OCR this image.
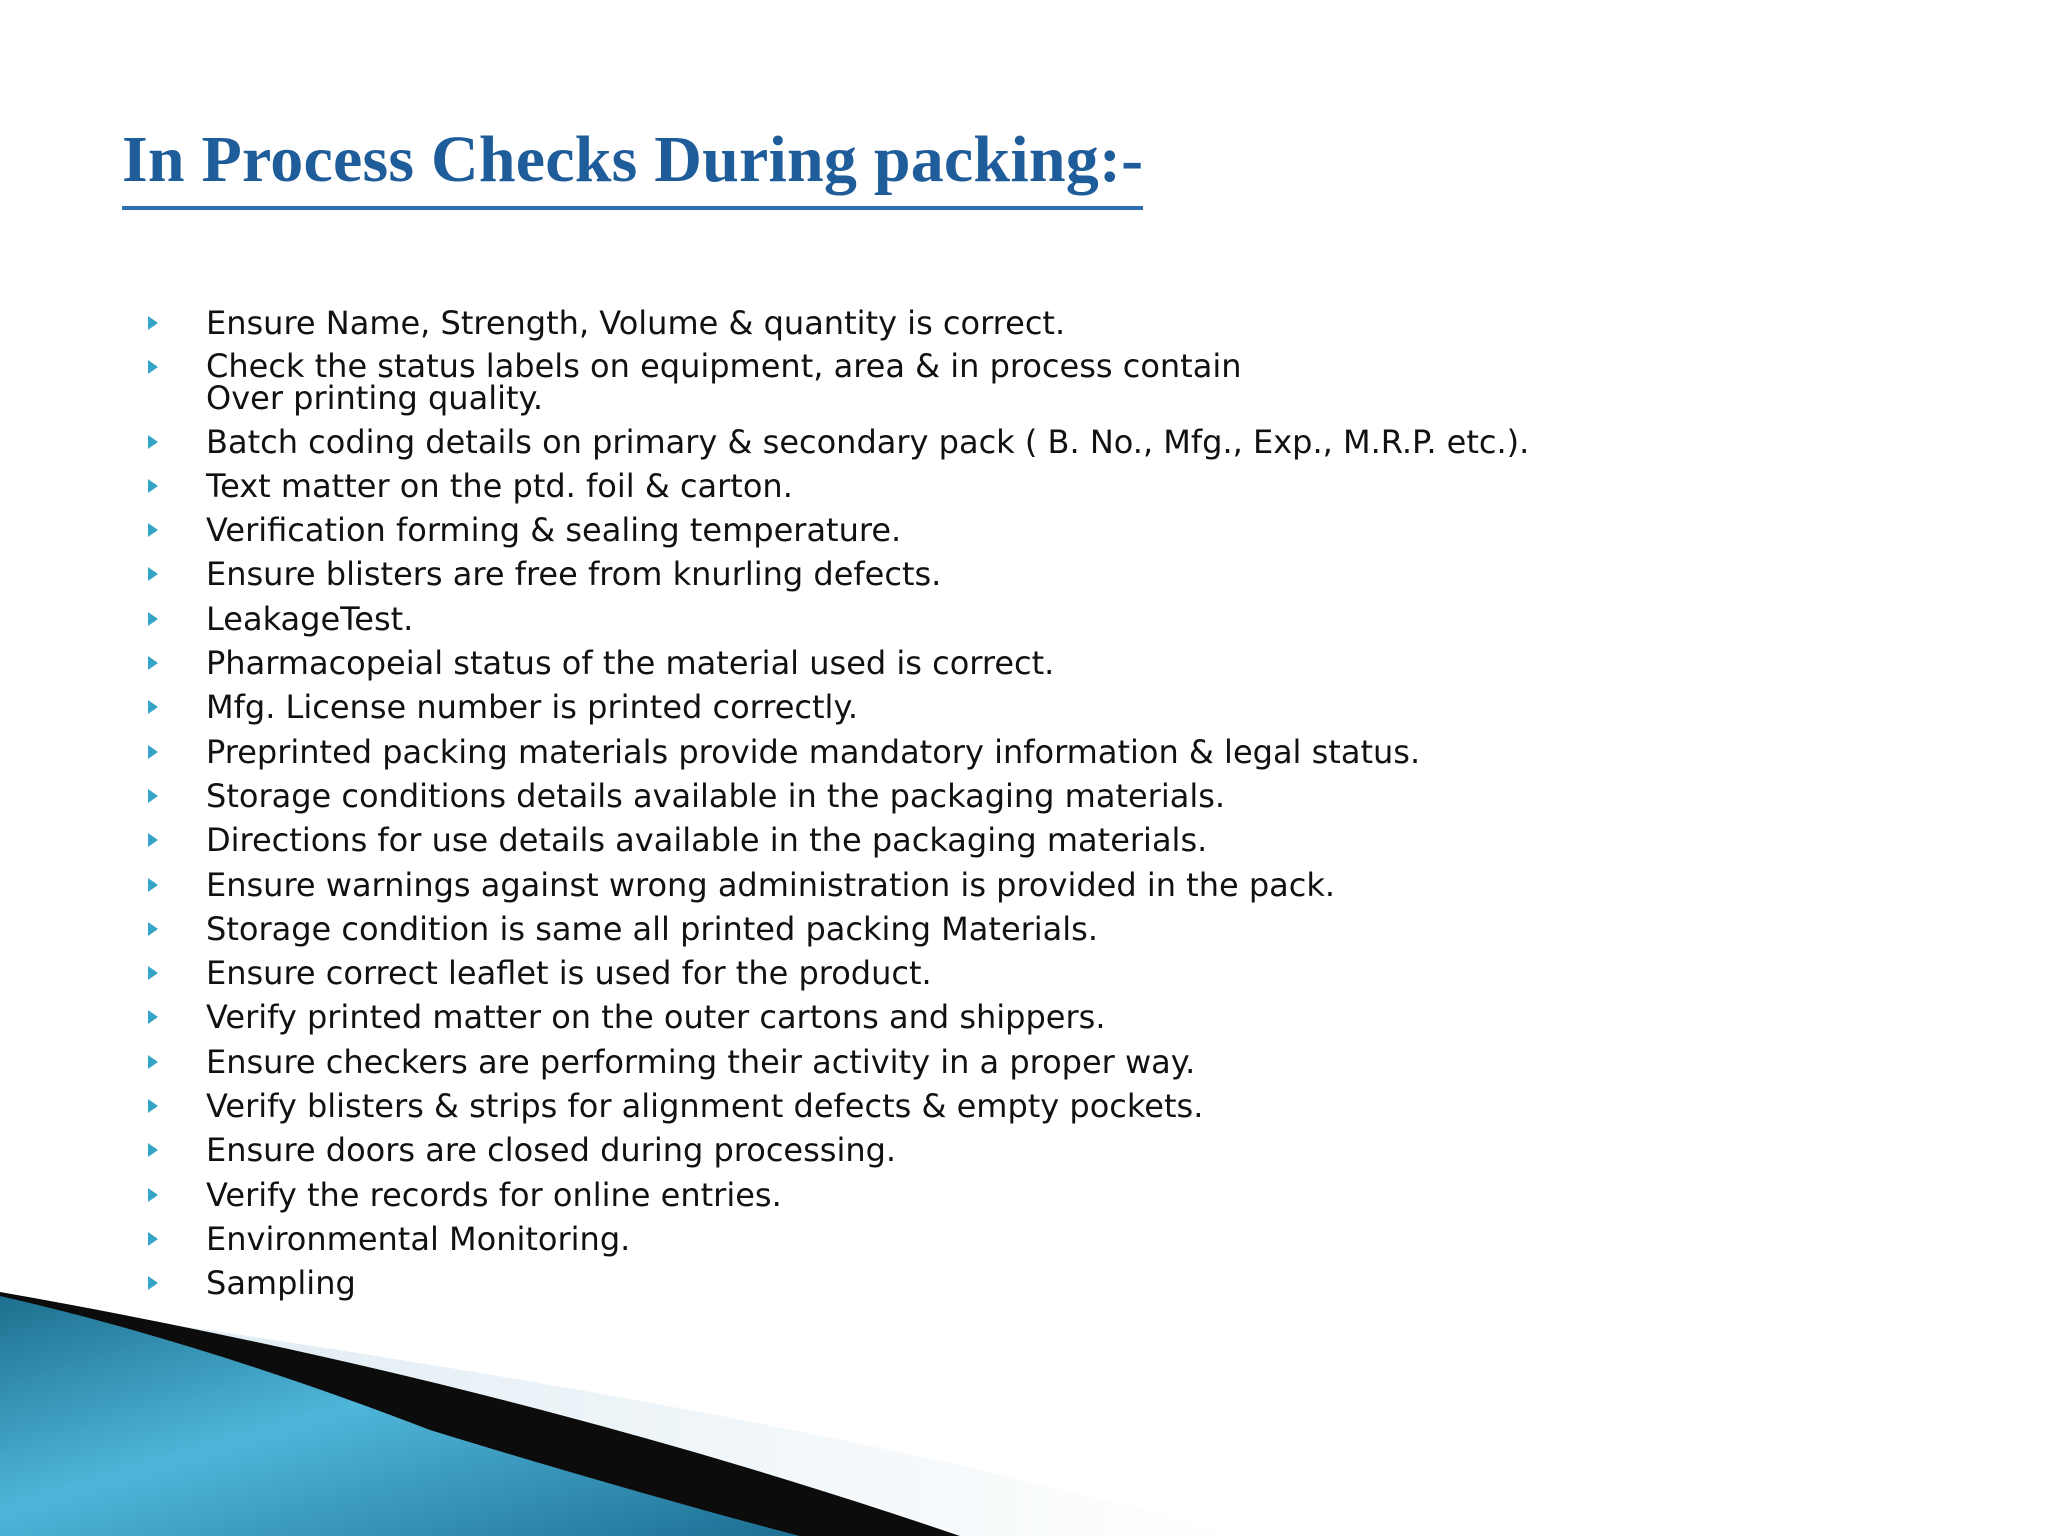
In Process Checks During packing:-
Ensure Name, Strength, Volume & quantity is correct.
Check the status labels on equipment, area & in process contain
Over printing quality.
Batch coding details on primary & secondary pack ( B. No., Mfg., Exp., M.R.P. etc.).
Text matter on the ptd. foil & carton.
Verification forming & sealing temperature.
Ensure blisters are free from knurling defects.
LeakageTest.
Pharmacopeial status of the material used is correct.
Mfg. License number is printed correctly.
Preprinted packing materials provide mandatory information & legal status.
Storage conditions details available in the packaging materials.
Directions for use details available in the packaging materials.
Ensure warnings against wrong administration is provided in the pack.
Storage condition is same all printed packing Materials.
Ensure correct leaflet is used for the product.
Verify printed matter on the outer cartons and shippers.
Ensure checkers are performing their activity in a proper way.
Verify blisters & strips for alignment defects & empty pockets.
Ensure doors are closed during processing.
Verify the records for online entries.
Environmental Monitoring.
Sampling
